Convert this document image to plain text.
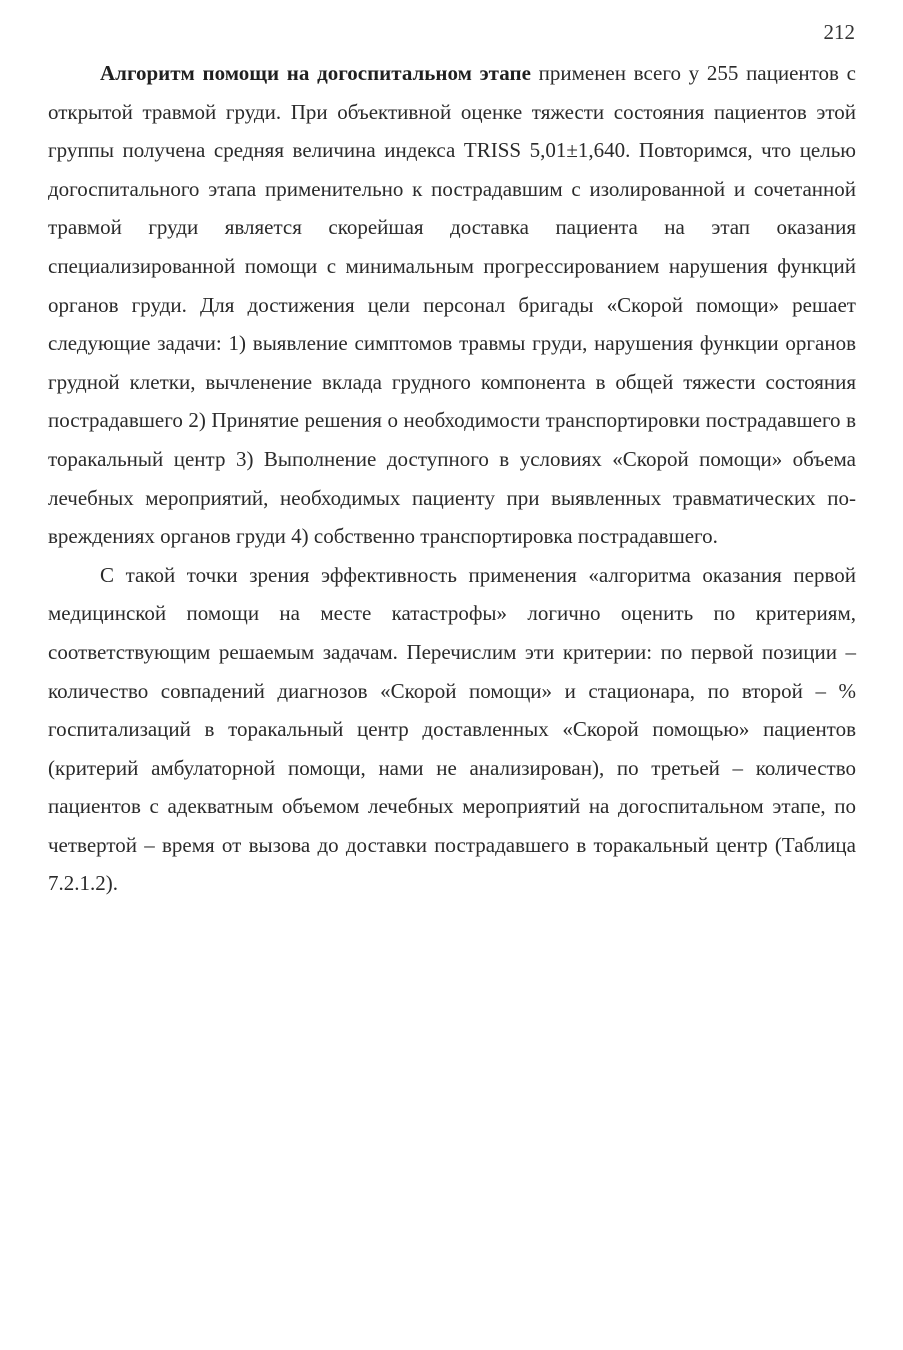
212

Алгоритм помощи на догоспитальном этапе применен всего у 255 пациентов с открытой травмой груди. При объективной оценке тяжести состояния пациентов этой группы получена средняя величина индекса TRISS 5,01±1,640. Повторимся, что целью догоспитального этапа применительно к пострадавшим с изолированной и сочетанной травмой груди является скорейшая доставка пациента на этап оказания специализированной помощи с минимальным прогрессированием нарушения функций органов груди. Для достижения цели персонал бригады «Скорой помощи» решает следующие задачи: 1) выявление симптомов травмы груди, нарушения функции органов грудной клетки, вычленение вклада грудного компонента в общей тяжести состояния пострадавшего 2) Принятие решения о необходимости транспортировки пострадавшего в торакальный центр 3) Выполнение доступного в условиях «Скорой помощи» объема лечебных мероприятий, необходимых пациенту при выявленных травматических повреждениях органов груди 4) собственно транспортировка пострадавшего.

С такой точки зрения эффективность применения «алгоритма оказания первой медицинской помощи на месте катастрофы» логично оценить по критериям, соответствующим решаемым задачам. Перечислим эти критерии: по первой позиции – количество совпадений диагнозов «Скорой помощи» и стационара, по второй – % госпитализаций в торакальный центр доставленных «Скорой помощью» пациентов (критерий амбулаторной помощи, нами не анализирован), по третьей – количество пациентов с адекватным объемом лечебных мероприятий на догоспитальном этапе, по четвертой – время от вызова до доставки пострадавшего в торакальный центр (Таблица 7.2.1.2).
